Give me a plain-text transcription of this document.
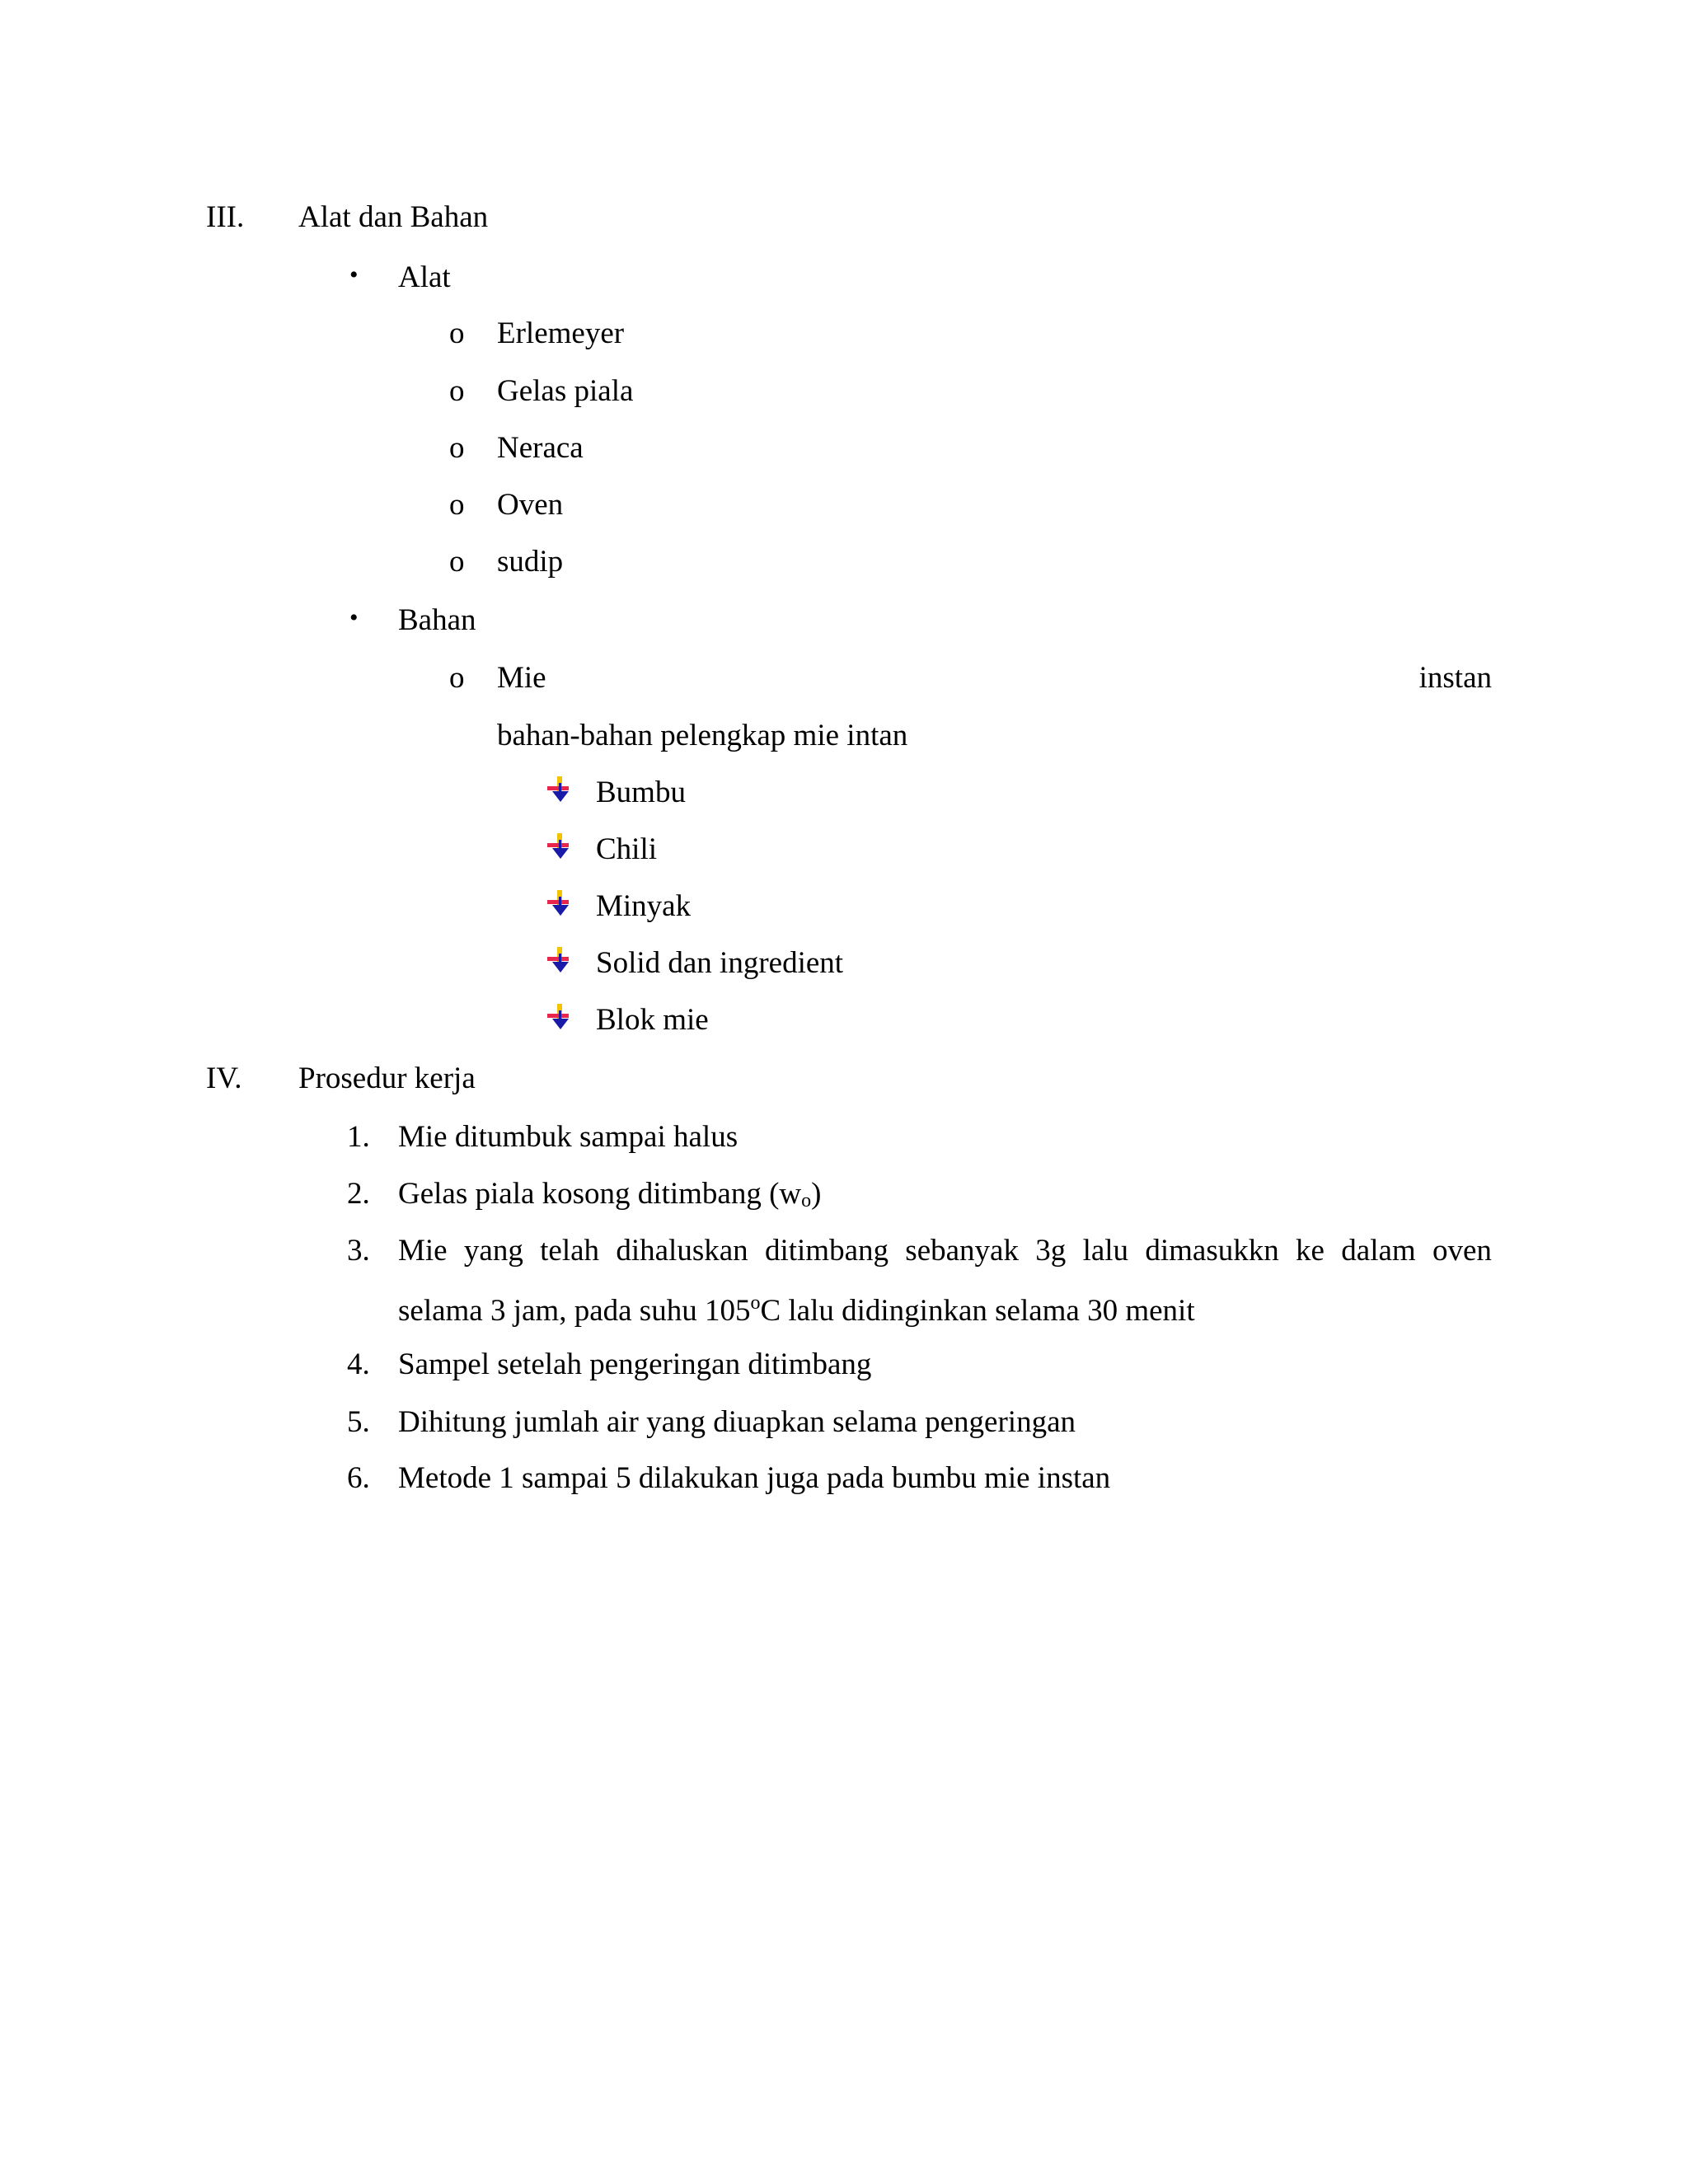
III. Alat dan Bahan
• Alat
o Erlemeyer
o Gelas piala
o Neraca
o Oven
o sudip
• Bahan
o Mie	instan
bahan-bahan pelengkap mie intan
Bumbu
Chili
Minyak
Solid dan ingredient
Blok mie
IV. Prosedur kerja
1. Mie ditumbuk sampai halus
2. Gelas piala kosong ditimbang $(w_o)$
3. Mie yang telah dihaluskan ditimbang sebanyak 3g lalu dimasukkn ke dalam oven
selama 3 jam, pada suhu 105$^o$C lalu didinginkan selama 30 menit
4. Sampel setelah pengeringan ditimbang
5. Dihitung jumlah air yang diuapkan selama pengeringan
6. Metode 1 sampai 5 dilakukan juga pada bumbu mie instan
